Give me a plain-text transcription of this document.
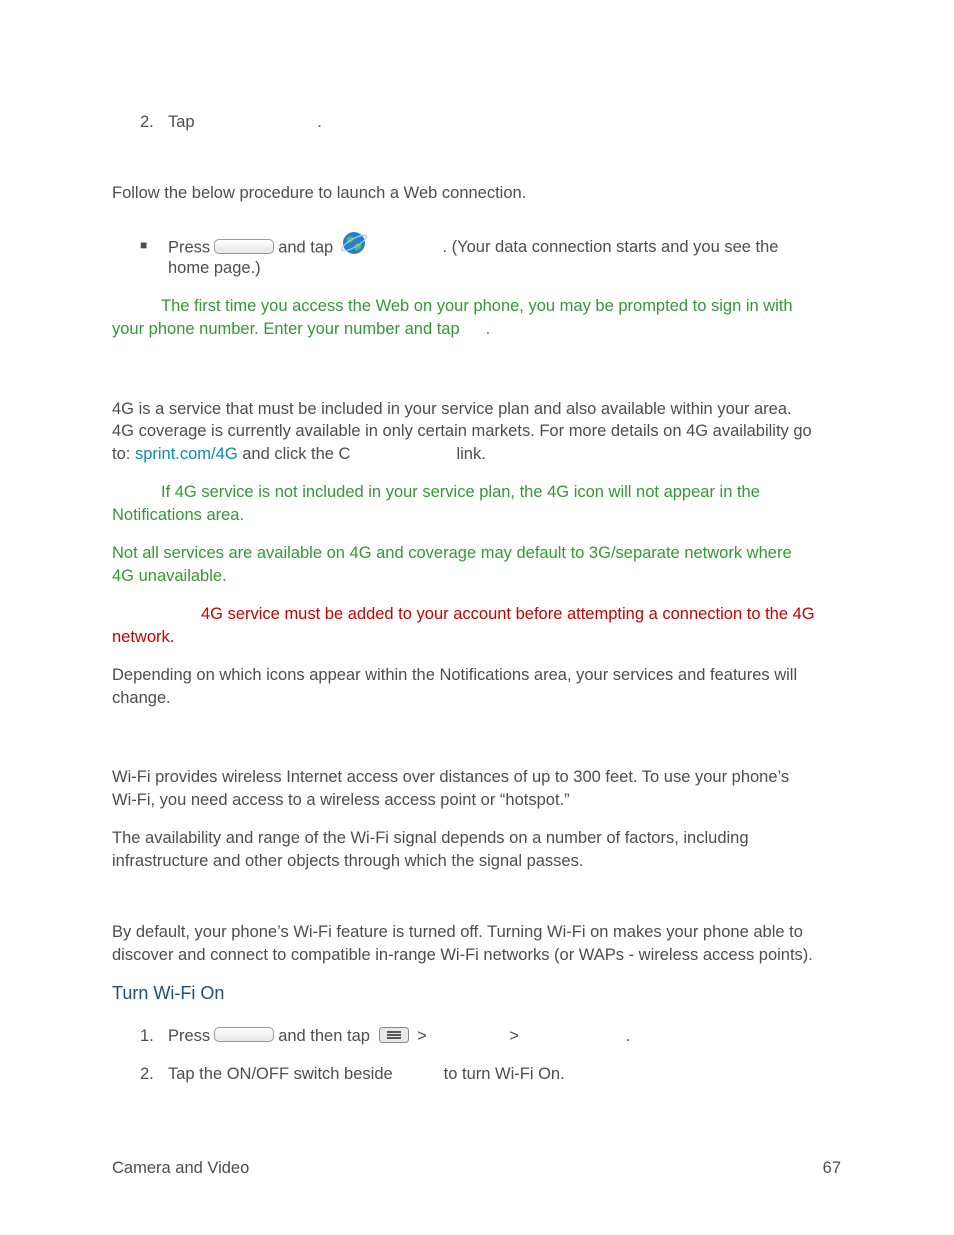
2. Tap	.
Follow the below procedure to launch a Web connection.
■ Press	and tap	. (Your data connection starts and you see the
home page.)
The first time you access the Web on your phone, you may be prompted to sign in with
your phone number. Enter your number and tap .
4G is a service that must be included in your service plan and also available within your area.
4G coverage is currently available in only certain markets. For more details on 4G availability go
to: sprint.com/4G and click the C	link.
If 4G service is not included in your service plan, the 4G icon will not appear in the
Notifications area.
Not all services are available on 4G and coverage may default to 3G/separate network where
4G unavailable.
4G service must be added to your account before attempting a connection to the 4G
network.
Depending on which icons appear within the Notifications area, your services and features will
change.
Wi-Fi provides wireless Internet access over distances of up to 300 feet. To use your phone’s
Wi-Fi, you need access to a wireless access point or “hotspot.”
The availability and range of the Wi-Fi signal depends on a number of factors, including
infrastructure and other objects through which the signal passes.
By default, your phone’s Wi-Fi feature is turned off. Turning Wi-Fi on makes your phone able to
discover and connect to compatible in-range Wi-Fi networks (or WAPs - wireless access points).
Turn Wi-Fi On
1. Press	and then tap	>	>	.
2. Tap the ON/OFF switch beside	to turn Wi-Fi On.
Camera and Video	67
